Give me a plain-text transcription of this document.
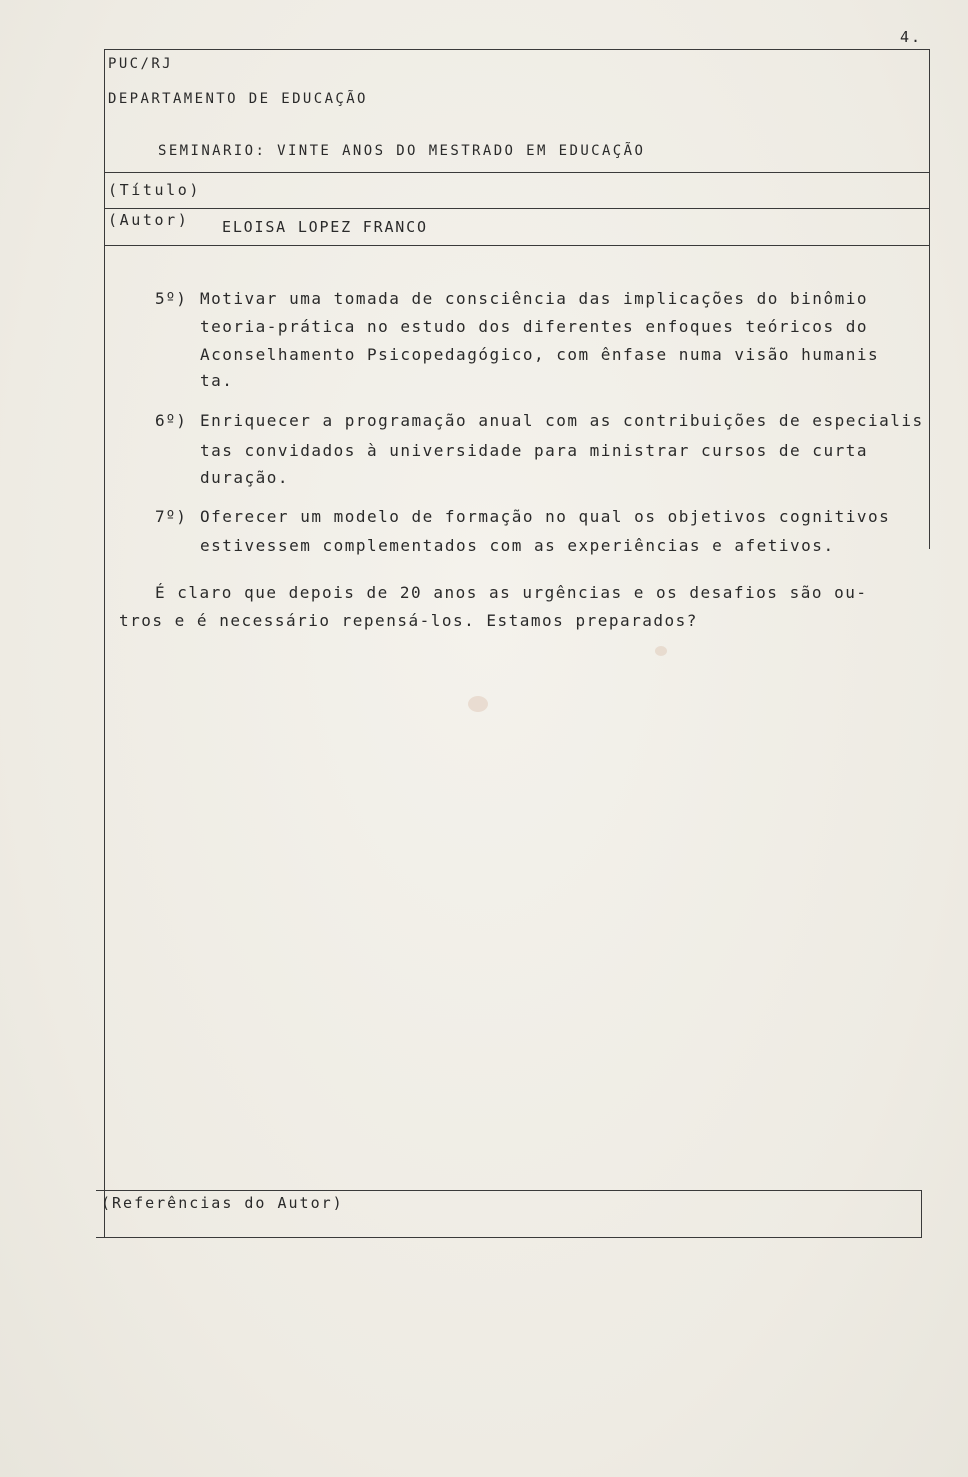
4.
PUC/RJ
DEPARTAMENTO DE EDUCAÇÃO
SEMINARIO: VINTE ANOS DO MESTRADO EM EDUCAÇÃO
(Título)
(Autor) ELOISA LOPEZ FRANCO
5º) Motivar uma tomada de consciência das implicações do binômio
teoria-prática no estudo dos diferentes enfoques teóricos do
Aconselhamento Psicopedagógico, com ênfase numa visão humanis
ta.
6º) Enriquecer a programação anual com as contribuições de especialis
tas convidados à universidade para ministrar cursos de curta
duração.
7º) Oferecer um modelo de formação no qual os objetivos cognitivos
estivessem complementados com as experiências e afetivos.
É claro que depois de 20 anos as urgências e os desafios são ou-
tros e é necessário repensá-los. Estamos preparados?
(Referências do Autor)
